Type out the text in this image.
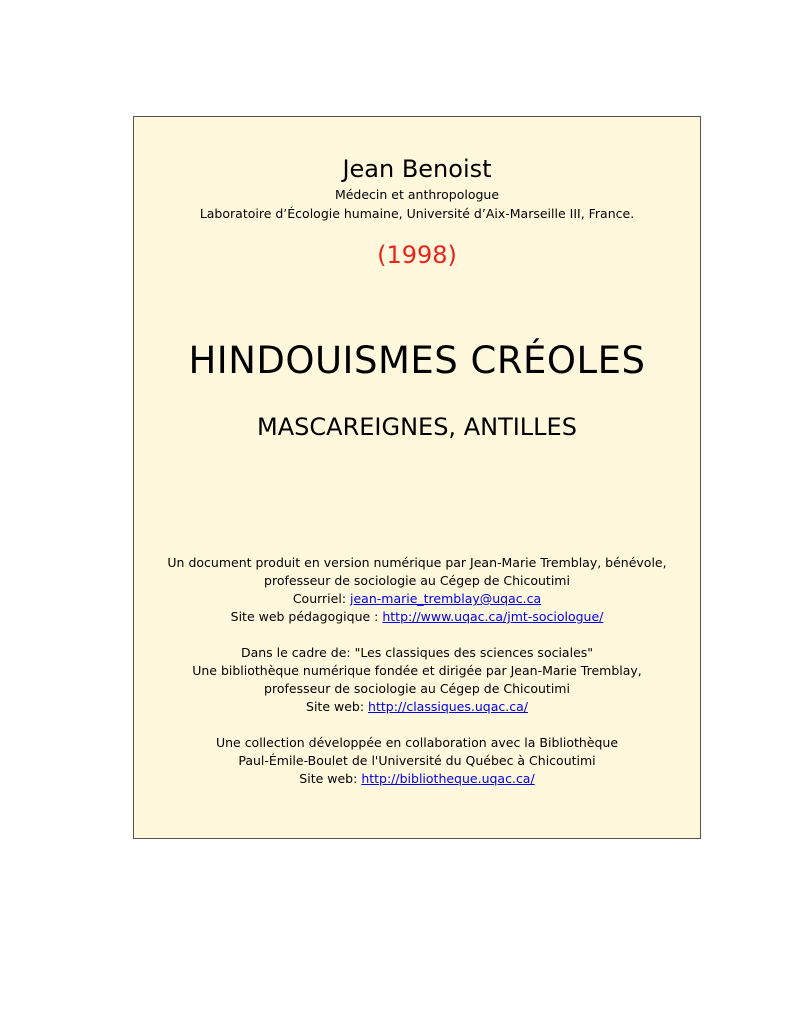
Jean Benoist
Médecin et anthropologue
Laboratoire d’Écologie humaine, Université d’Aix-Marseille III, France.
(1998)
HINDOUISMES CRÉOLES
MASCAREIGNES, ANTILLES
Un document produit en version numérique par Jean-Marie Tremblay, bénévole,
professeur de sociologie au Cégep de Chicoutimi
Courriel: jean-marie_tremblay@uqac.ca
Site web pédagogique : http://www.uqac.ca/jmt-sociologue/
Dans le cadre de: "Les classiques des sciences sociales"
Une bibliothèque numérique fondée et dirigée par Jean-Marie Tremblay,
professeur de sociologie au Cégep de Chicoutimi
Site web: http://classiques.uqac.ca/
Une collection développée en collaboration avec la Bibliothèque
Paul-Émile-Boulet de l'Université du Québec à Chicoutimi
Site web: http://bibliotheque.uqac.ca/
